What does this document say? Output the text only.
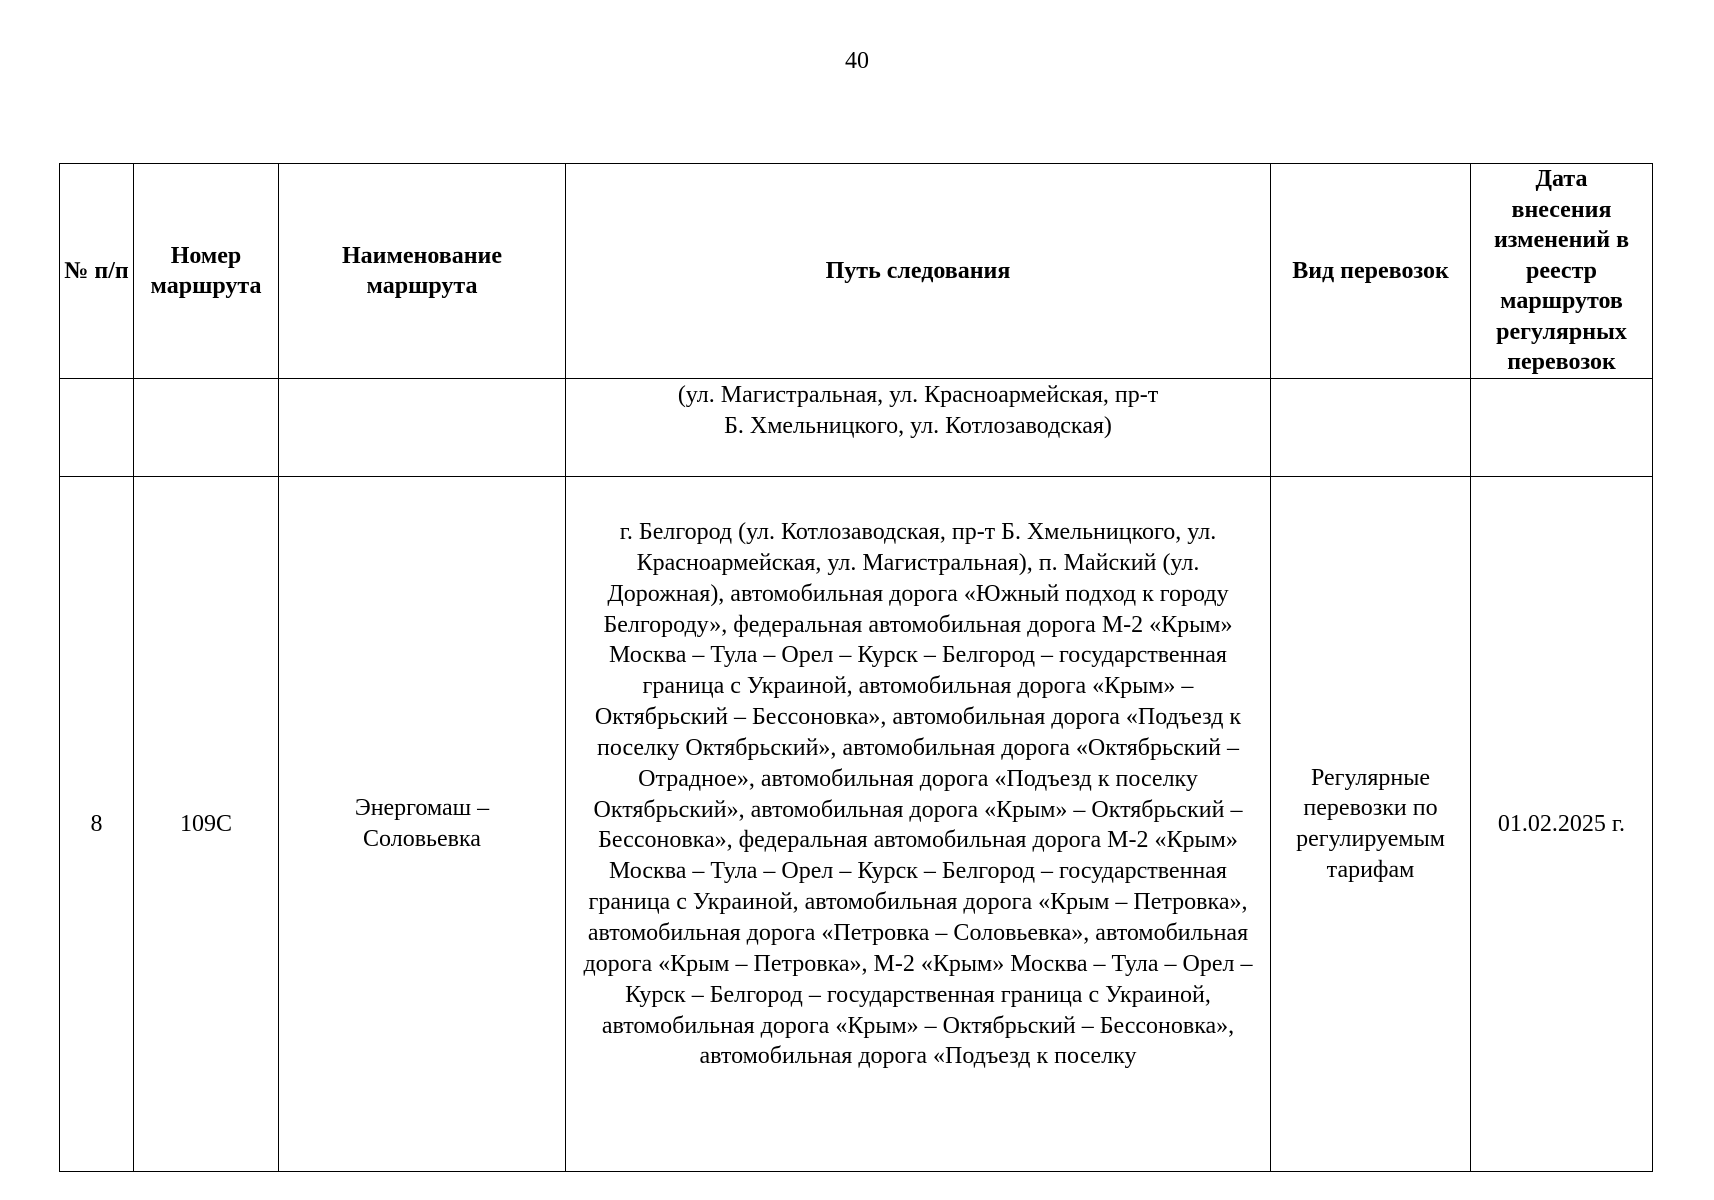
40
№ п/п	Номер маршрута	Наименование маршрута	Путь следования	Вид перевозок	Дата внесения изменений в реестр маршрутов регулярных перевозок

			(ул. Магистральная, ул. Красноармейская, пр-т Б. Хмельницкого, ул. Котлозаводская)		

8	109С	Энергомаш – Соловьевка	г. Белгород (ул. Котлозаводская, пр-т Б. Хмельницкого, ул. Красноармейская, ул. Магистральная), п. Майский (ул. Дорожная), автомобильная дорога «Южный подход к городу Белгороду», федеральная автомобильная дорога М-2 «Крым» Москва – Тула – Орел – Курск – Белгород – государственная граница с Украиной, автомобильная дорога «Крым» – Октябрьский – Бессоновка», автомобильная дорога «Подъезд к поселку Октябрьский», автомобильная дорога «Октябрьский – Отрадное», автомобильная дорога «Подъезд к поселку Октябрьский», автомобильная дорога «Крым» – Октябрьский – Бессоновка», федеральная автомобильная дорога М-2 «Крым» Москва – Тула – Орел – Курск – Белгород – государственная граница с Украиной, автомобильная дорога «Крым – Петровка», автомобильная дорога «Петровка – Соловьевка», автомобильная дорога «Крым – Петровка», М-2 «Крым» Москва – Тула – Орел – Курск – Белгород – государственная граница с Украиной, автомобильная дорога «Крым» – Октябрьский – Бессоновка», автомобильная дорога «Подъезд к поселку	Регулярные перевозки по регулируемым тарифам	01.02.2025 г.
